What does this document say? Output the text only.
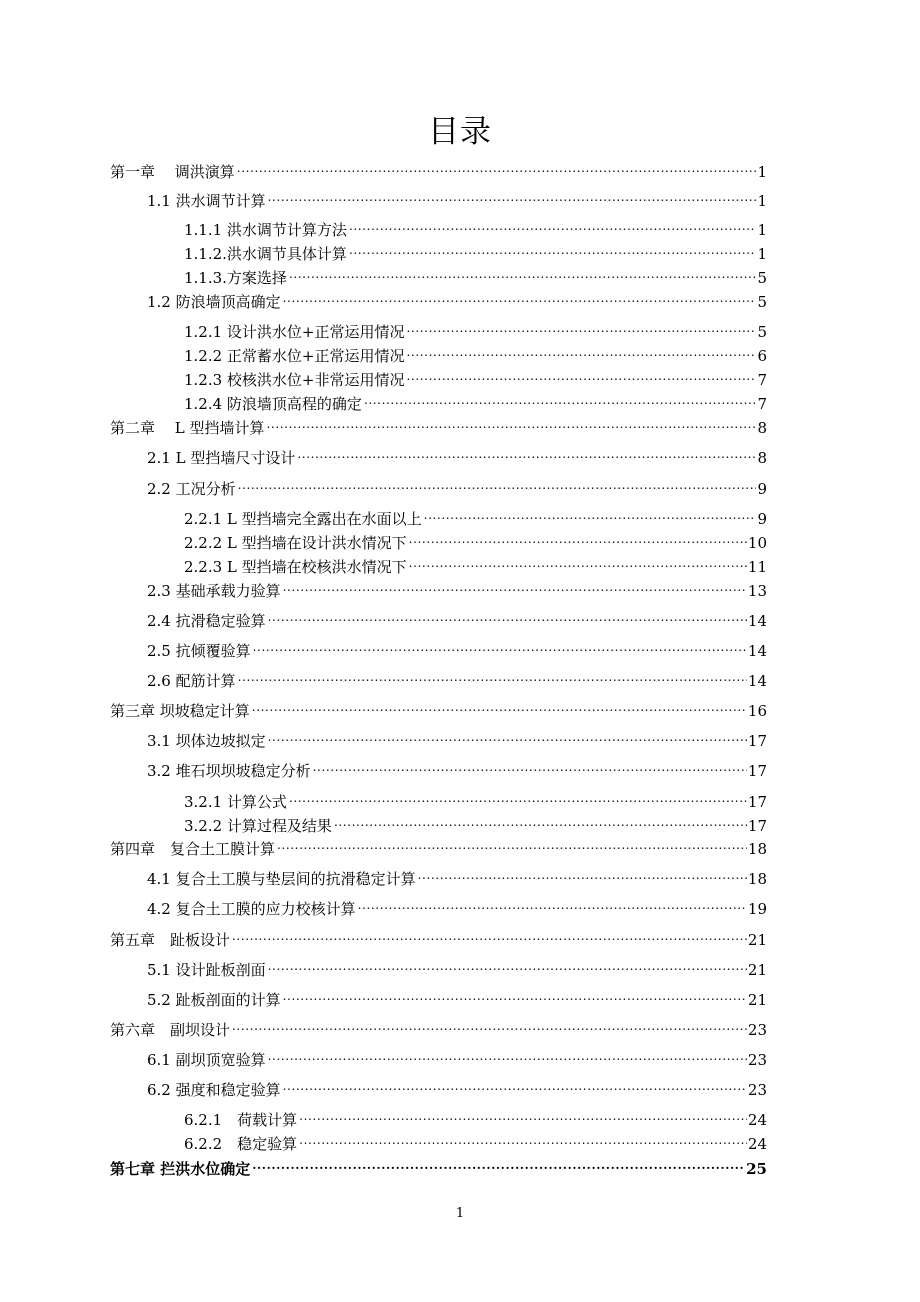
目录
第一章　 调洪演算 .....	1
1.1 洪水调节计算 .....	1
1.1.1 洪水调节计算方法 .....	1
1.1.2.洪水调节具体计算 .....	1
1.1.3.方案选择 .....	5
1.2 防浪墙顶高确定 .....	5
1.2.1 设计洪水位+正常运用情况 .....	5
1.2.2 正常蓄水位+正常运用情况 .....	6
1.2.3 校核洪水位+非常运用情况 .....	7
1.2.4 防浪墙顶高程的确定 .....	7
第二章　 L 型挡墙计算 .....	8
2.1 L 型挡墙尺寸设计 .....	8
2.2 工况分析 .....	9
2.2.1 L 型挡墙完全露出在水面以上 .....	9
2.2.2 L 型挡墙在设计洪水情况下 .....	10
2.2.3 L 型挡墙在校核洪水情况下 .....	11
2.3 基础承载力验算 .....	13
2.4 抗滑稳定验算 .....	14
2.5 抗倾覆验算 .....	14
2.6 配筋计算 .....	14
第三章 坝坡稳定计算 .....	16
3.1 坝体边坡拟定 .....	17
3.2 堆石坝坝坡稳定分析 .....	17
3.2.1 计算公式 .....	17
3.2.2 计算过程及结果 .....	17
第四章　复合土工膜计算 .....	18
4.1 复合土工膜与垫层间的抗滑稳定计算 .....	18
4.2 复合土工膜的应力校核计算 .....	19
第五章　趾板设计 .....	21
5.1 设计趾板剖面 .....	21
5.2 趾板剖面的计算 .....	21
第六章　副坝设计 .....	23
6.1 副坝顶宽验算 .....	23
6.2 强度和稳定验算 .....	23
6.2.1　荷载计算 .....	24
6.2.2　稳定验算 .....	24
第七章 拦洪水位确定 .....	25
1
